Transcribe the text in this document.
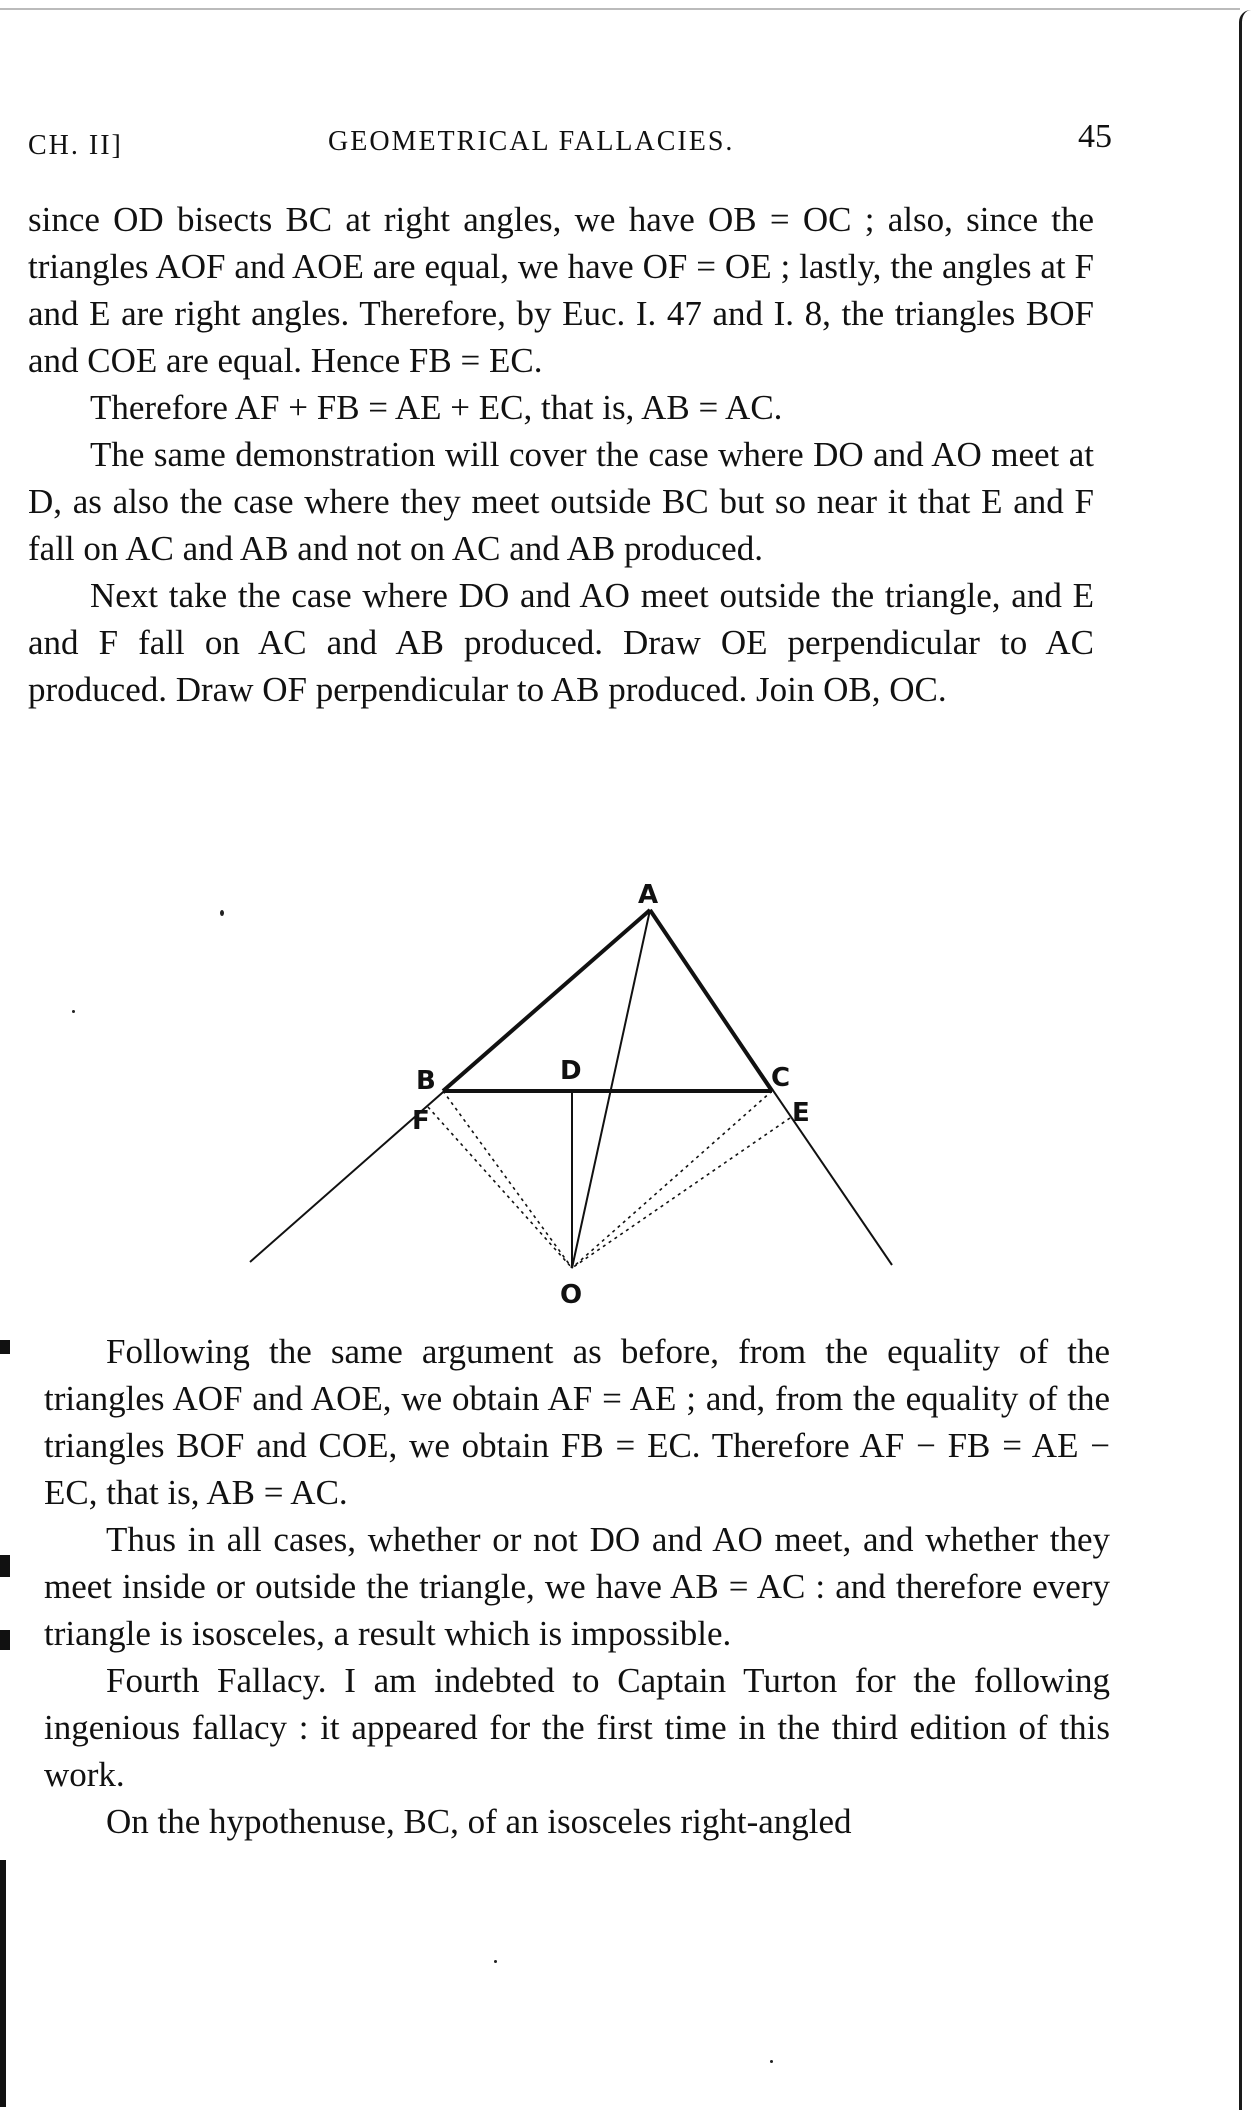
CH. II]	GEOMETRICAL FALLACIES.	45

since OD bisects BC at right angles, we have OB = OC ; also, since the triangles AOF and AOE are equal, we have OF = OE ; lastly, the angles at F and E are right angles. Therefore, by Euc. I. 47 and I. 8, the triangles BOF and COE are equal. Hence FB = EC.

Therefore AF + FB = AE + EC, that is, AB = AC.

The same demonstration will cover the case where DO and AO meet at D, as also the case where they meet outside BC but so near it that E and F fall on AC and AB and not on AC and AB produced.

Next take the case where DO and AO meet outside the triangle, and E and F fall on AC and AB produced. Draw OE perpendicular to AC produced. Draw OF perpendicular to AB produced. Join OB, OC.

A
B	C
D
E
F
O

Following the same argument as before, from the equality of the triangles AOF and AOE, we obtain AF = AE ; and, from the equality of the triangles BOF and COE, we obtain FB = EC. Therefore AF − FB = AE − EC, that is, AB = AC.

Thus in all cases, whether or not DO and AO meet, and whether they meet inside or outside the triangle, we have AB = AC : and therefore every triangle is isosceles, a result which is impossible.

Fourth Fallacy. I am indebted to Captain Turton for the following ingenious fallacy : it appeared for the first time in the third edition of this work.

On the hypothenuse, BC, of an isosceles right-angled
